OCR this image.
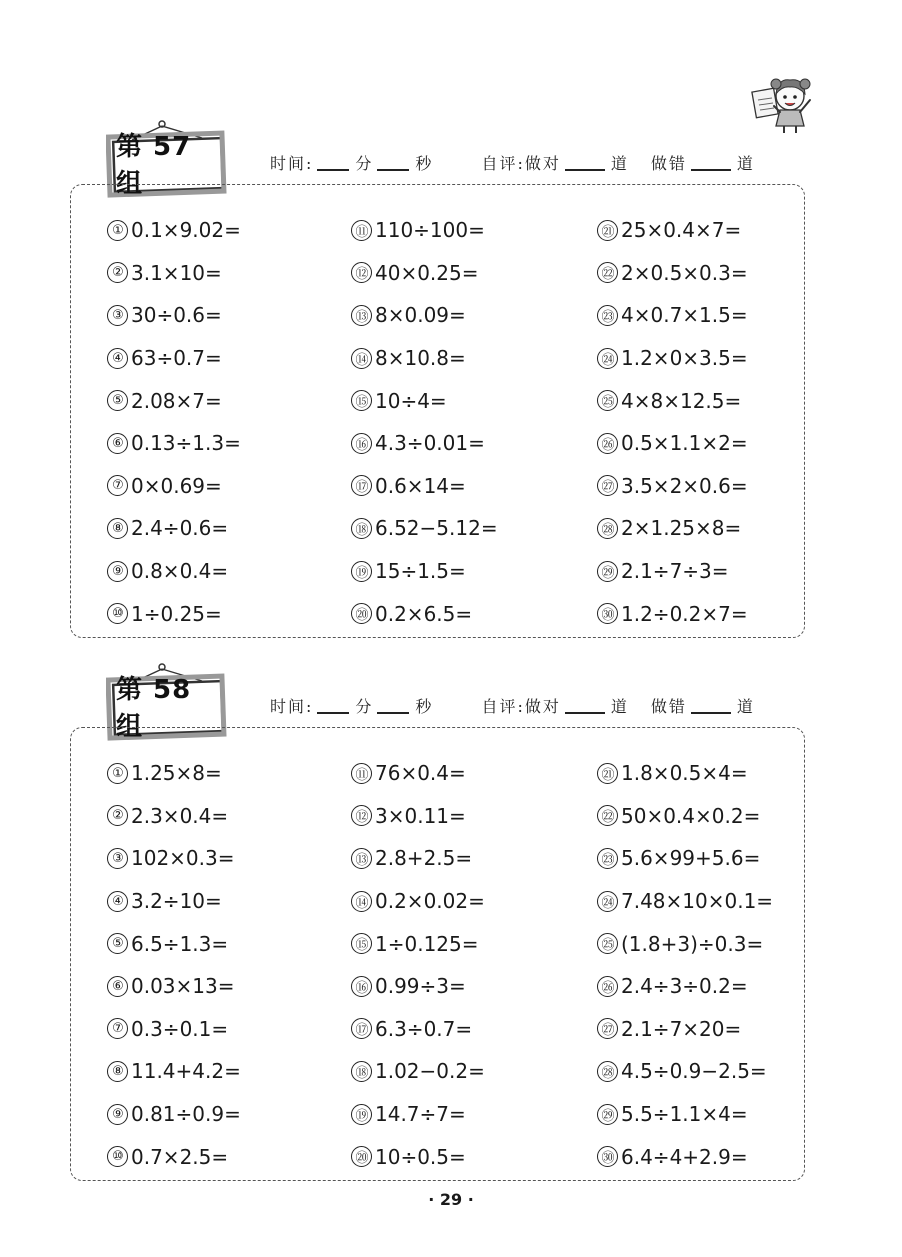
第 57 组
时间:	分	秒	自评:做对	道 做错	道
① 0.1×9.02=
② 3.1×10=
③ 30÷0.6=
④ 63÷0.7=
⑤ 2.08×7=
⑥ 0.13÷1.3=
⑦ 0×0.69=
⑧ 2.4÷0.6=
⑨ 0.8×0.4=
⑩ 1÷0.25=
⑪ 110÷100=
⑫ 40×0.25=
⑬ 8×0.09=
⑭ 8×10.8=
⑮ 10÷4=
⑯ 4.3÷0.01=
⑰ 0.6×14=
⑱ 6.52−5.12=
⑲ 15÷1.5=
⑳ 0.2×6.5=
㉑ 25×0.4×7=
㉒ 2×0.5×0.3=
㉓ 4×0.7×1.5=
㉔ 1.2×0×3.5=
㉕ 4×8×12.5=
㉖ 0.5×1.1×2=
㉗ 3.5×2×0.6=
㉘ 2×1.25×8=
㉙ 2.1÷7÷3=
㉚ 1.2÷0.2×7=
第 58 组
时间:	分	秒	自评:做对	道 做错	道
① 1.25×8=
② 2.3×0.4=
③ 102×0.3=
④ 3.2÷10=
⑤ 6.5÷1.3=
⑥ 0.03×13=
⑦ 0.3÷0.1=
⑧ 11.4+4.2=
⑨ 0.81÷0.9=
⑩ 0.7×2.5=
⑪ 76×0.4=
⑫ 3×0.11=
⑬ 2.8+2.5=
⑭ 0.2×0.02=
⑮ 1÷0.125=
⑯ 0.99÷3=
⑰ 6.3÷0.7=
⑱ 1.02−0.2=
⑲ 14.7÷7=
⑳ 10÷0.5=
㉑ 1.8×0.5×4=
㉒ 50×0.4×0.2=
㉓ 5.6×99+5.6=
㉔ 7.48×10×0.1=
㉕ (1.8+3)÷0.3=
㉖ 2.4÷3÷0.2=
㉗ 2.1÷7×20=
㉘ 4.5÷0.9−2.5=
㉙ 5.5÷1.1×4=
㉚ 6.4÷4+2.9=
· 29 ·
